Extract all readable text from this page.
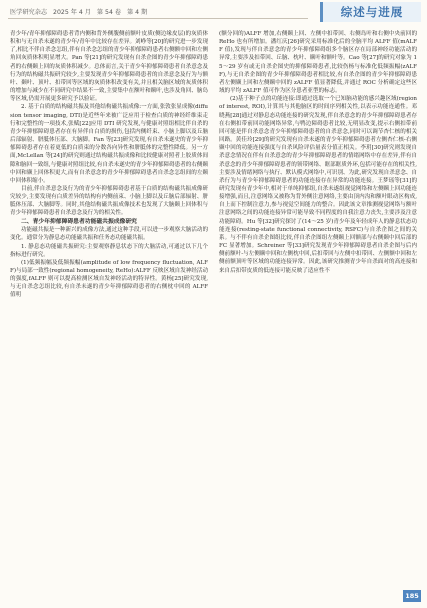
医学研究杂志 2025 年 4 月 第 54 卷 第 4 期	综述与进展

青少年/青年抑郁障碍患者背内侧和背外侧腹侧前额叶皮质(侧边缘皮层)的灰质体积和与无自杀未遂的青少年/青年中比较存在差异。刘峥等[20]的研究进一步发现了,相比不伴自杀念怎组,伴有自杀念怎组的青少年抑郁障碍患者右侧额中回和左侧角回灰质体积明显增大。Pan 等[21]的研究发现有自杀企图的青少年抑郁障碍患者的右侧颞上回的灰质体积减少。总体而言,关于青少年抑郁障碍患者自杀意念及行为的结构磁共振研究较少,主要发现青少年抑郁障碍患者的自杀意念及行为与额叶、颞叶、顶叶、扣带回等区域的灰质体积改变有关,并且相关脑区域的灰质体积的增加与减少在不同研究中结果不一致,主要集中在额叶和颞叶,也涉及角回、脑岛等区域,仍需开展更多研究予以验证。

2. 基于白质的结构磁共振及其他结构磁共振成像:一方面,张敦张显成像(diffusion tensor imaging, DTI)是近些年来被广泛应用于检查白质的神经纤维束走行和完整性的一项技术,张赋[22]应用 DTI 研究发现,与健康对照组相比伴自杀的青少年抑郁障碍患者存在有异伴自白质的损伤,包括内侧纤束、小脑上脚以及丘脑后部辐射、胼胝体压部、大脑脚。Fan 等[23]研究发现,有自杀未遂史的青少年抑郁障碍患者存在着更低的白质束的分数各向异性和胼胝体的完整性降低。另一方面,McLellan 等[24]的研究则通过结构磁共振成像和比较健康对照者上胶质体间隙和脑回一致组,与健康对照组比较,有自杀未遂史的青少年抑郁障碍患者的右侧颞中回和颞上回体积更大,而有自杀意念的青少年抑郁障碍患者自杀念怎组间的左颞中回体积缩小。

目前,伴自杀意念及行为的青少年抑郁障碍患者基于白质的结构磁共振成像研究较少,主要发现有白质差异的结构有内侧前束、小脑上脚以及丘脑后部辐射、胼胝体压部、大脑脚等。同时,其他结构磁共振成像技术也发现了大脑颞上回体积与青少年抑郁障碍患者自杀意念及行为的相关性。

二、青少年抑郁障碍患者功能磁共振成像研究

功能磁共振是一种新兴的成像方法,通过这种手段,可以进一步观察大脑活动的变化。通常分为静息态功能磁共振和任务态功能磁共振。

1. 静息态功能磁共振研究:主要观察静息状态下的大脑活动,可通过以下几个指标进行研究。

(1)低频振幅及低频振幅(amplitude of low frequency fluctuation, ALFF)与局部一致性(regional homogeneity, ReHo):ALFF 反映区域自发神经活动的强度,fALFF 则可以提高检测区域自发神经活动的特异性。黄杨[25]研究发现,与无自杀念怎组比较,有自杀未遂的青少年抑郁障碍患者的右侧枕中回的 ALFF 值明

(额分回的)ALFF 增加,右侧颞上回、左侧中扣带回、右侧岛叶和右侧中央前回的 ReHo 也有所增加。潘红庆[26]研究采用标准化后的全脑平均 ALFF 值(mALFF 值),发现与伴自杀意念的青少年抑郁障碍组多个脑区存在局部神经功能活动的异常,主要涉及扣带回、丘脑、枕叶、颞叶和额叶等。Cao 等[27]的研究对象为 15～29 岁有或无自杀企图史的抑郁障碍患者,比较伤杨与标准化低频振幅(zALFF),与无自杀企图的青少年抑郁障碍患者相比较,有自杀企图的青少年抑郁障碍患者左侧颞上回和左侧颞中回的 zALFF 值显著降低,并通过 ROC 分析确定这些区域的平均 zALFF 值可作为区分患者亚型的标志。

(2)基于种子点的功能连接:即通过选取一个已知脑功能的感兴趣区域(region of interest, ROI),计算其与其他脑区的时间序列相关性,以表示功能连通性。邓晓燕[28]通过对静息态功能连接的研究发现,伴自杀意念的青少年抑郁障碍患者存在右侧扣带前回功能网络异常,与鸭边障碍患者比较,无明显改变,提示右侧扣带前回可能是伴自杀意念青少年抑郁障碍患者的自杀意念,同时可以调节杏仁核的相关回路。黄佳玲[29]的研究发现有自杀未遂的青少年抑郁障碍患者左侧杏仁核-右侧颞中回的功能连接强度与自杀风险评估量表分值正相关。李玥[30]研究则发现自杀意念情况在伴有自杀意念的青少年抑郁障碍患者的情绪网络中存在差异,伴有自杀意念的青少年抑郁障碍患者的领带网络、眶部眶质外环,包括可能存在的相关性,主要涉及情绪网络与执行、默认模式网络中,可识别、为此,研究发现自杀意念、自杀行为与青少年抑郁障碍患者的功能连接存在异常的功能连接。王梦瑶等[31]的研究发现有青少年中,相对于单纯抑郁组,自杀未遂组视觉网络和左侧颞上回功能连接增强,而且,注意网络又被称为背外侧注意网络,主要由顶内沟和额叶眼动区构成,自上而下控制注意力,参与视觉空间能力的整合。因此该文章推测视觉网络与额叶注意网络之间的功能连接异常可能导致不同程度的自我注意力丧失,主要涉及注意功能障碍。Hu 等[32]研究探讨了(14～25 岁)青少年及年轻成年人的静息状态功能连接(resting-state functional connectivity, RSFC)与自杀企图之间的关系。与不伴有自杀企图组比较,伴自杀企图组左侧颞上回额部与右侧颞中回后部的 FC 显著增加。Schreiner 等[33]研究发现青少年抑郁障碍患者自杀企图与后内侧前额叶-与左侧颞中回和左侧枕中回,后扣带回与左侧中扣带回、左侧额中回和左侧前额顶叶等区域的功能连接异常。因此,该研究推测青少年自杀面对的高连接和来自后扣带皮质的低连接可能反映了适应性不

185
